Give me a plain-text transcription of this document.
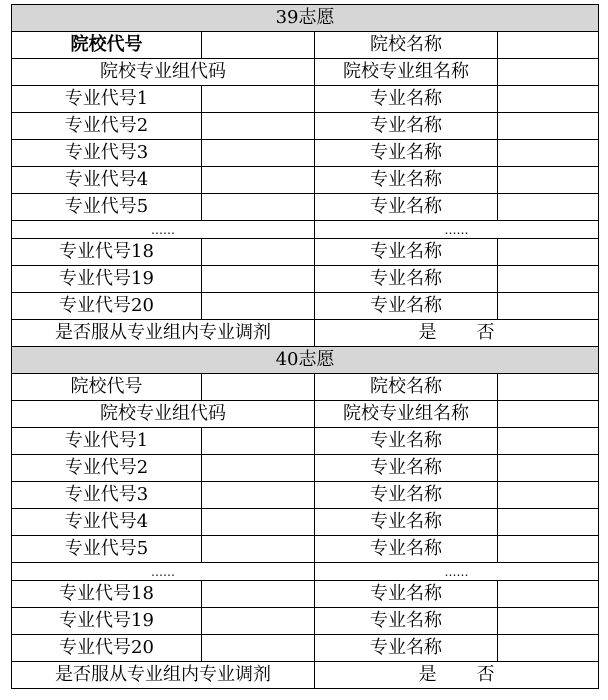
39志愿			
院校代号		院校名称	
院校专业组代码		院校专业组名称	
专业代号1		专业名称	
专业代号2		专业名称	
专业代号3		专业名称	
专业代号4		专业名称	
专业代号5		专业名称	
……		……	
专业代号18		专业名称	
专业代号19		专业名称	
专业代号20		专业名称	
是否服从专业组内专业调剂		是 否	
40志愿			
院校代号		院校名称	
院校专业组代码		院校专业组名称	
专业代号1		专业名称	
专业代号2		专业名称	
专业代号3		专业名称	
专业代号4		专业名称	
专业代号5		专业名称	
……		……	
专业代号18		专业名称	
专业代号19		专业名称	
专业代号20		专业名称	
是否服从专业组内专业调剂		是 否	
